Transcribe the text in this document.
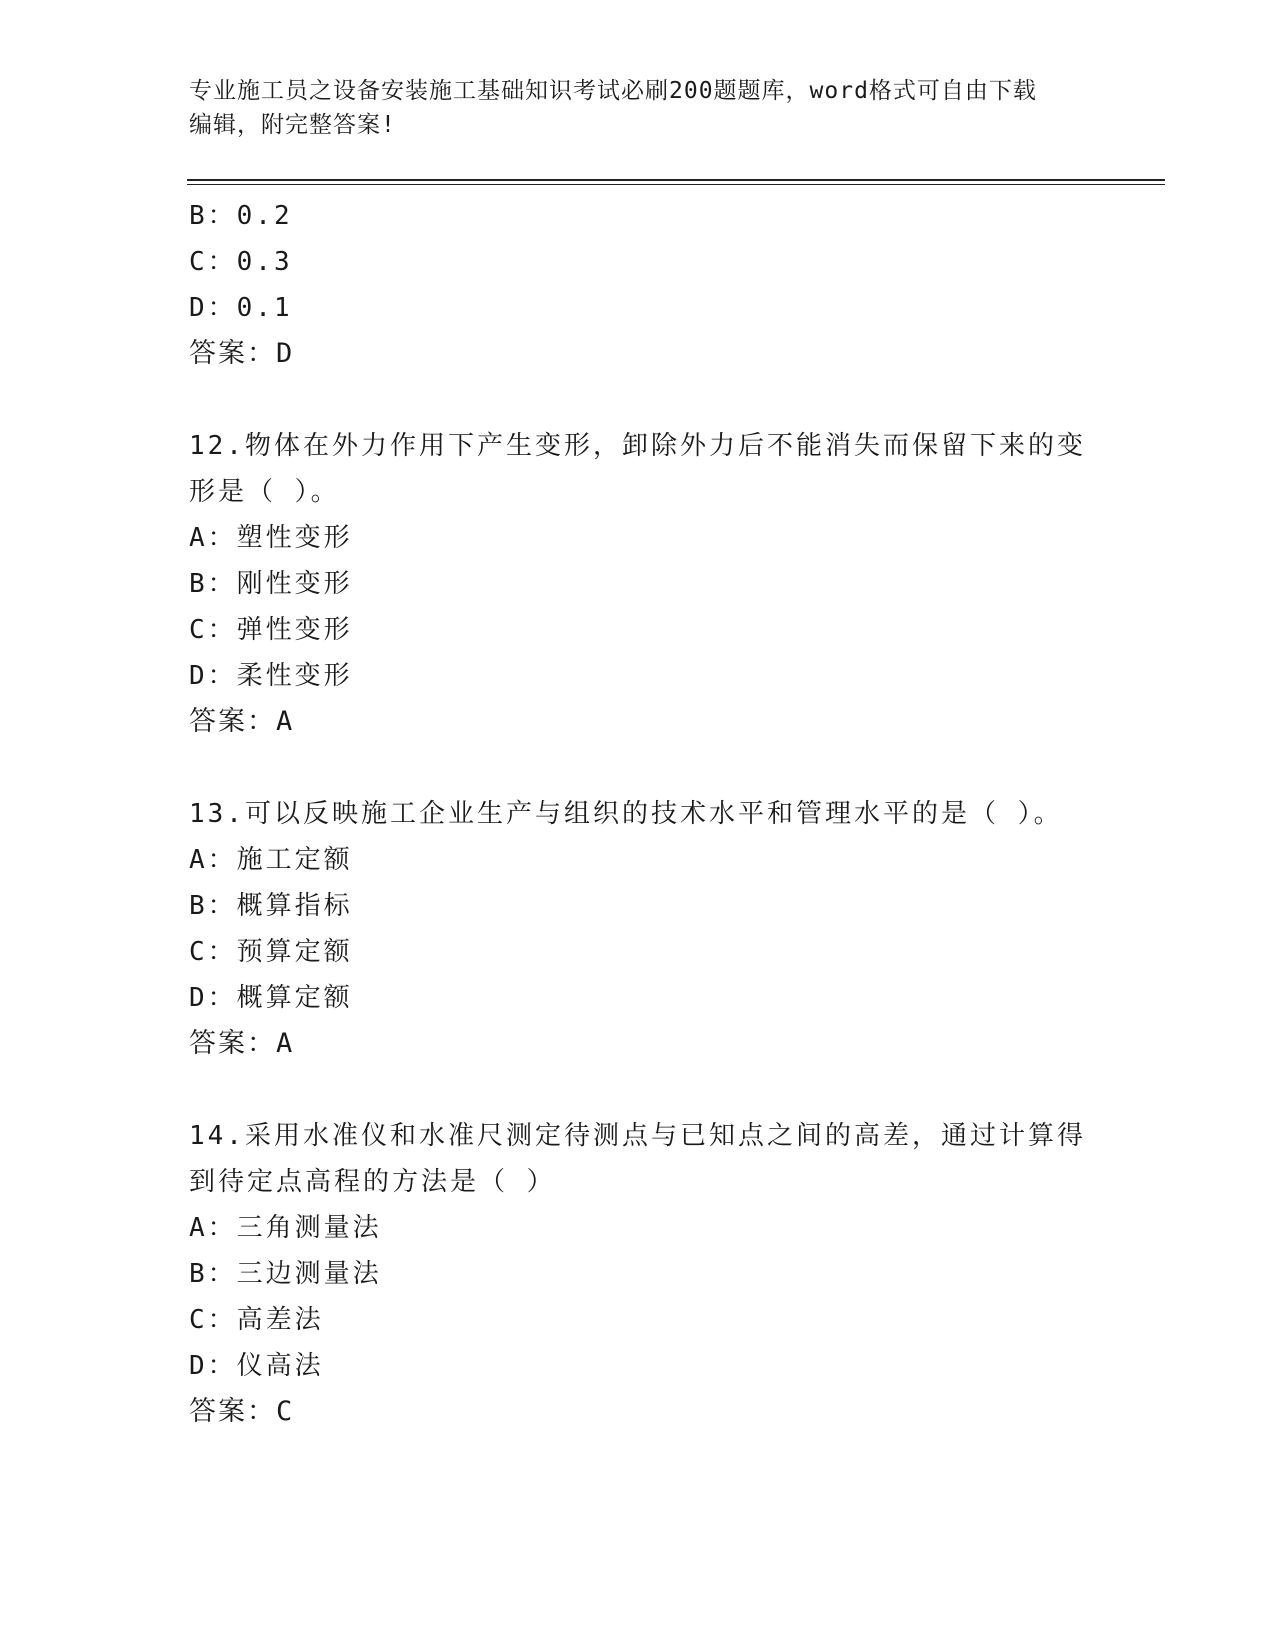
专业施工员之设备安装施工基础知识考试必刷200题题库，word格式可自由下载
编辑，附完整答案!
B：0.2
C：0.3
D：0.1
答案：D
12.物体在外力作用下产生变形，卸除外力后不能消失而保留下来的变
形是（ ）。
A：塑性变形
B：刚性变形
C：弹性变形
D：柔性变形
答案：A
13.可以反映施工企业生产与组织的技术水平和管理水平的是（ ）。
A：施工定额
B：概算指标
C：预算定额
D：概算定额
答案：A
14.采用水准仪和水准尺测定待测点与已知点之间的高差，通过计算得
到待定点高程的方法是（ ）
A：三角测量法
B：三边测量法
C：高差法
D：仪高法
答案：C
